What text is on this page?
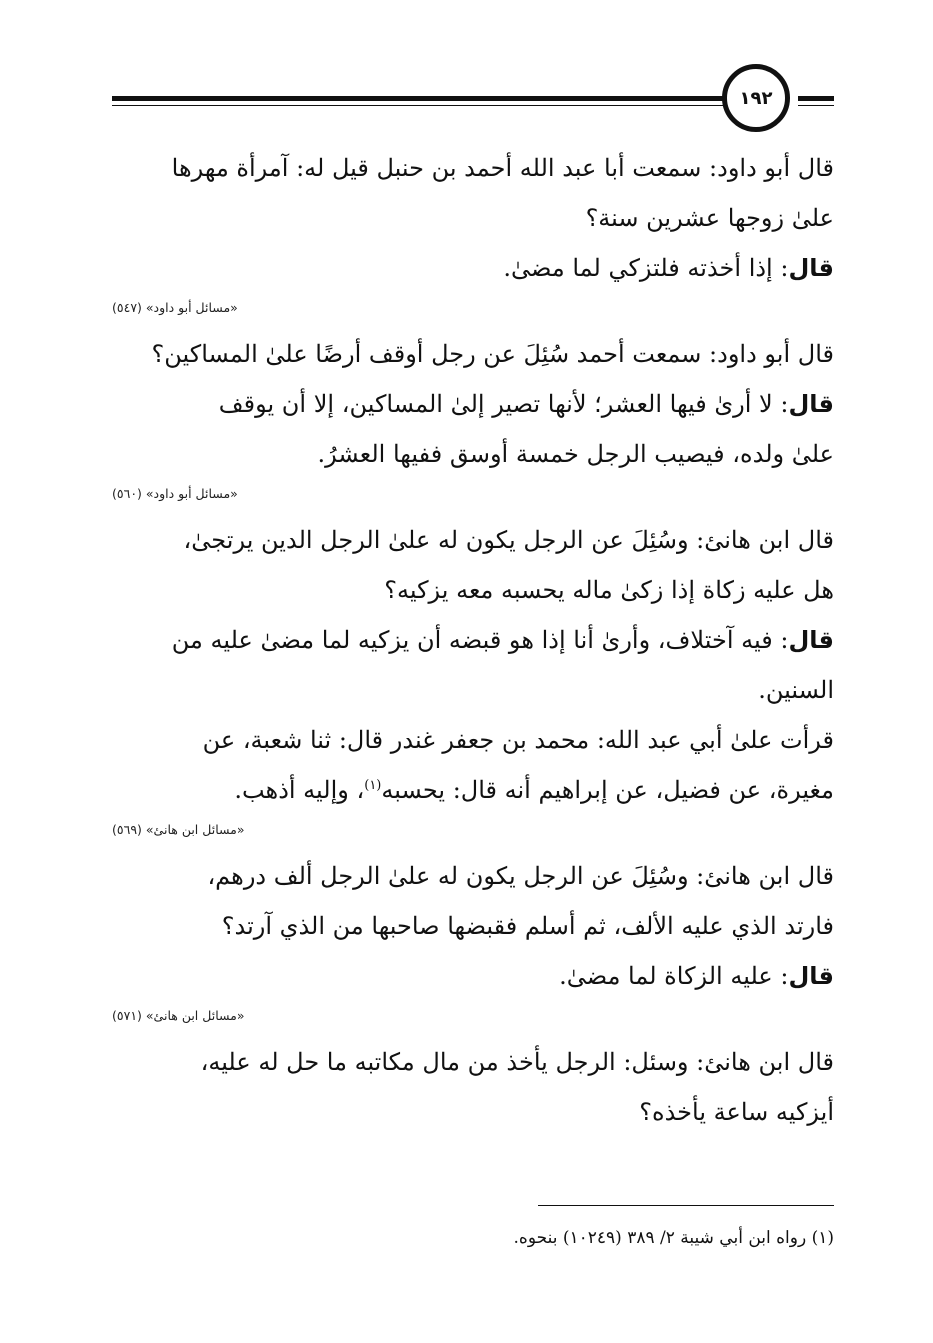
١٩٢

قال أبو داود: سمعت أبا عبد الله أحمد بن حنبل قيل له: آمرأة مهرها

علىٰ زوجها عشرين سنة؟

قال: إذا أخذته فلتزكي لما مضىٰ.

«مسائل أبو داود» (٥٤٧)

قال أبو داود: سمعت أحمد سُئِلَ عن رجل أوقف أرضًا علىٰ المساكين؟

قال: لا أرىٰ فيها العشر؛ لأنها تصير إلىٰ المساكين، إلا أن يوقف

علىٰ ولده، فيصيب الرجل خمسة أوسق ففيها العشرُ.

«مسائل أبو داود» (٥٦٠)

قال ابن هانئ: وسُئِلَ عن الرجل يكون له علىٰ الرجل الدين يرتجىٰ،

هل عليه زكاة إذا زكىٰ ماله يحسبه معه يزكيه؟

قال: فيه آختلاف، وأرىٰ أنا إذا هو قبضه أن يزكيه لما مضىٰ عليه من

السنين.

قرأت علىٰ أبي عبد الله: محمد بن جعفر غندر قال: ثنا شعبة، عن

مغيرة، عن فضيل، عن إبراهيم أنه قال: يحسبه$^{(١)}$، وإليه أذهب.

«مسائل ابن هانئ» (٥٦٩)

قال ابن هانئ: وسُئِلَ عن الرجل يكون له علىٰ الرجل ألف درهم،

فارتد الذي عليه الألف، ثم أسلم فقبضها صاحبها من الذي آرتد؟

قال: عليه الزكاة لما مضىٰ.

«مسائل ابن هانئ» (٥٧١)

قال ابن هانئ: وسئل: الرجل يأخذ من مال مكاتبه ما حل له عليه،

أيزكيه ساعة يأخذه؟

(١) رواه ابن أبي شيبة ٢/ ٣٨٩ (١٠٢٤٩) بنحوه.
